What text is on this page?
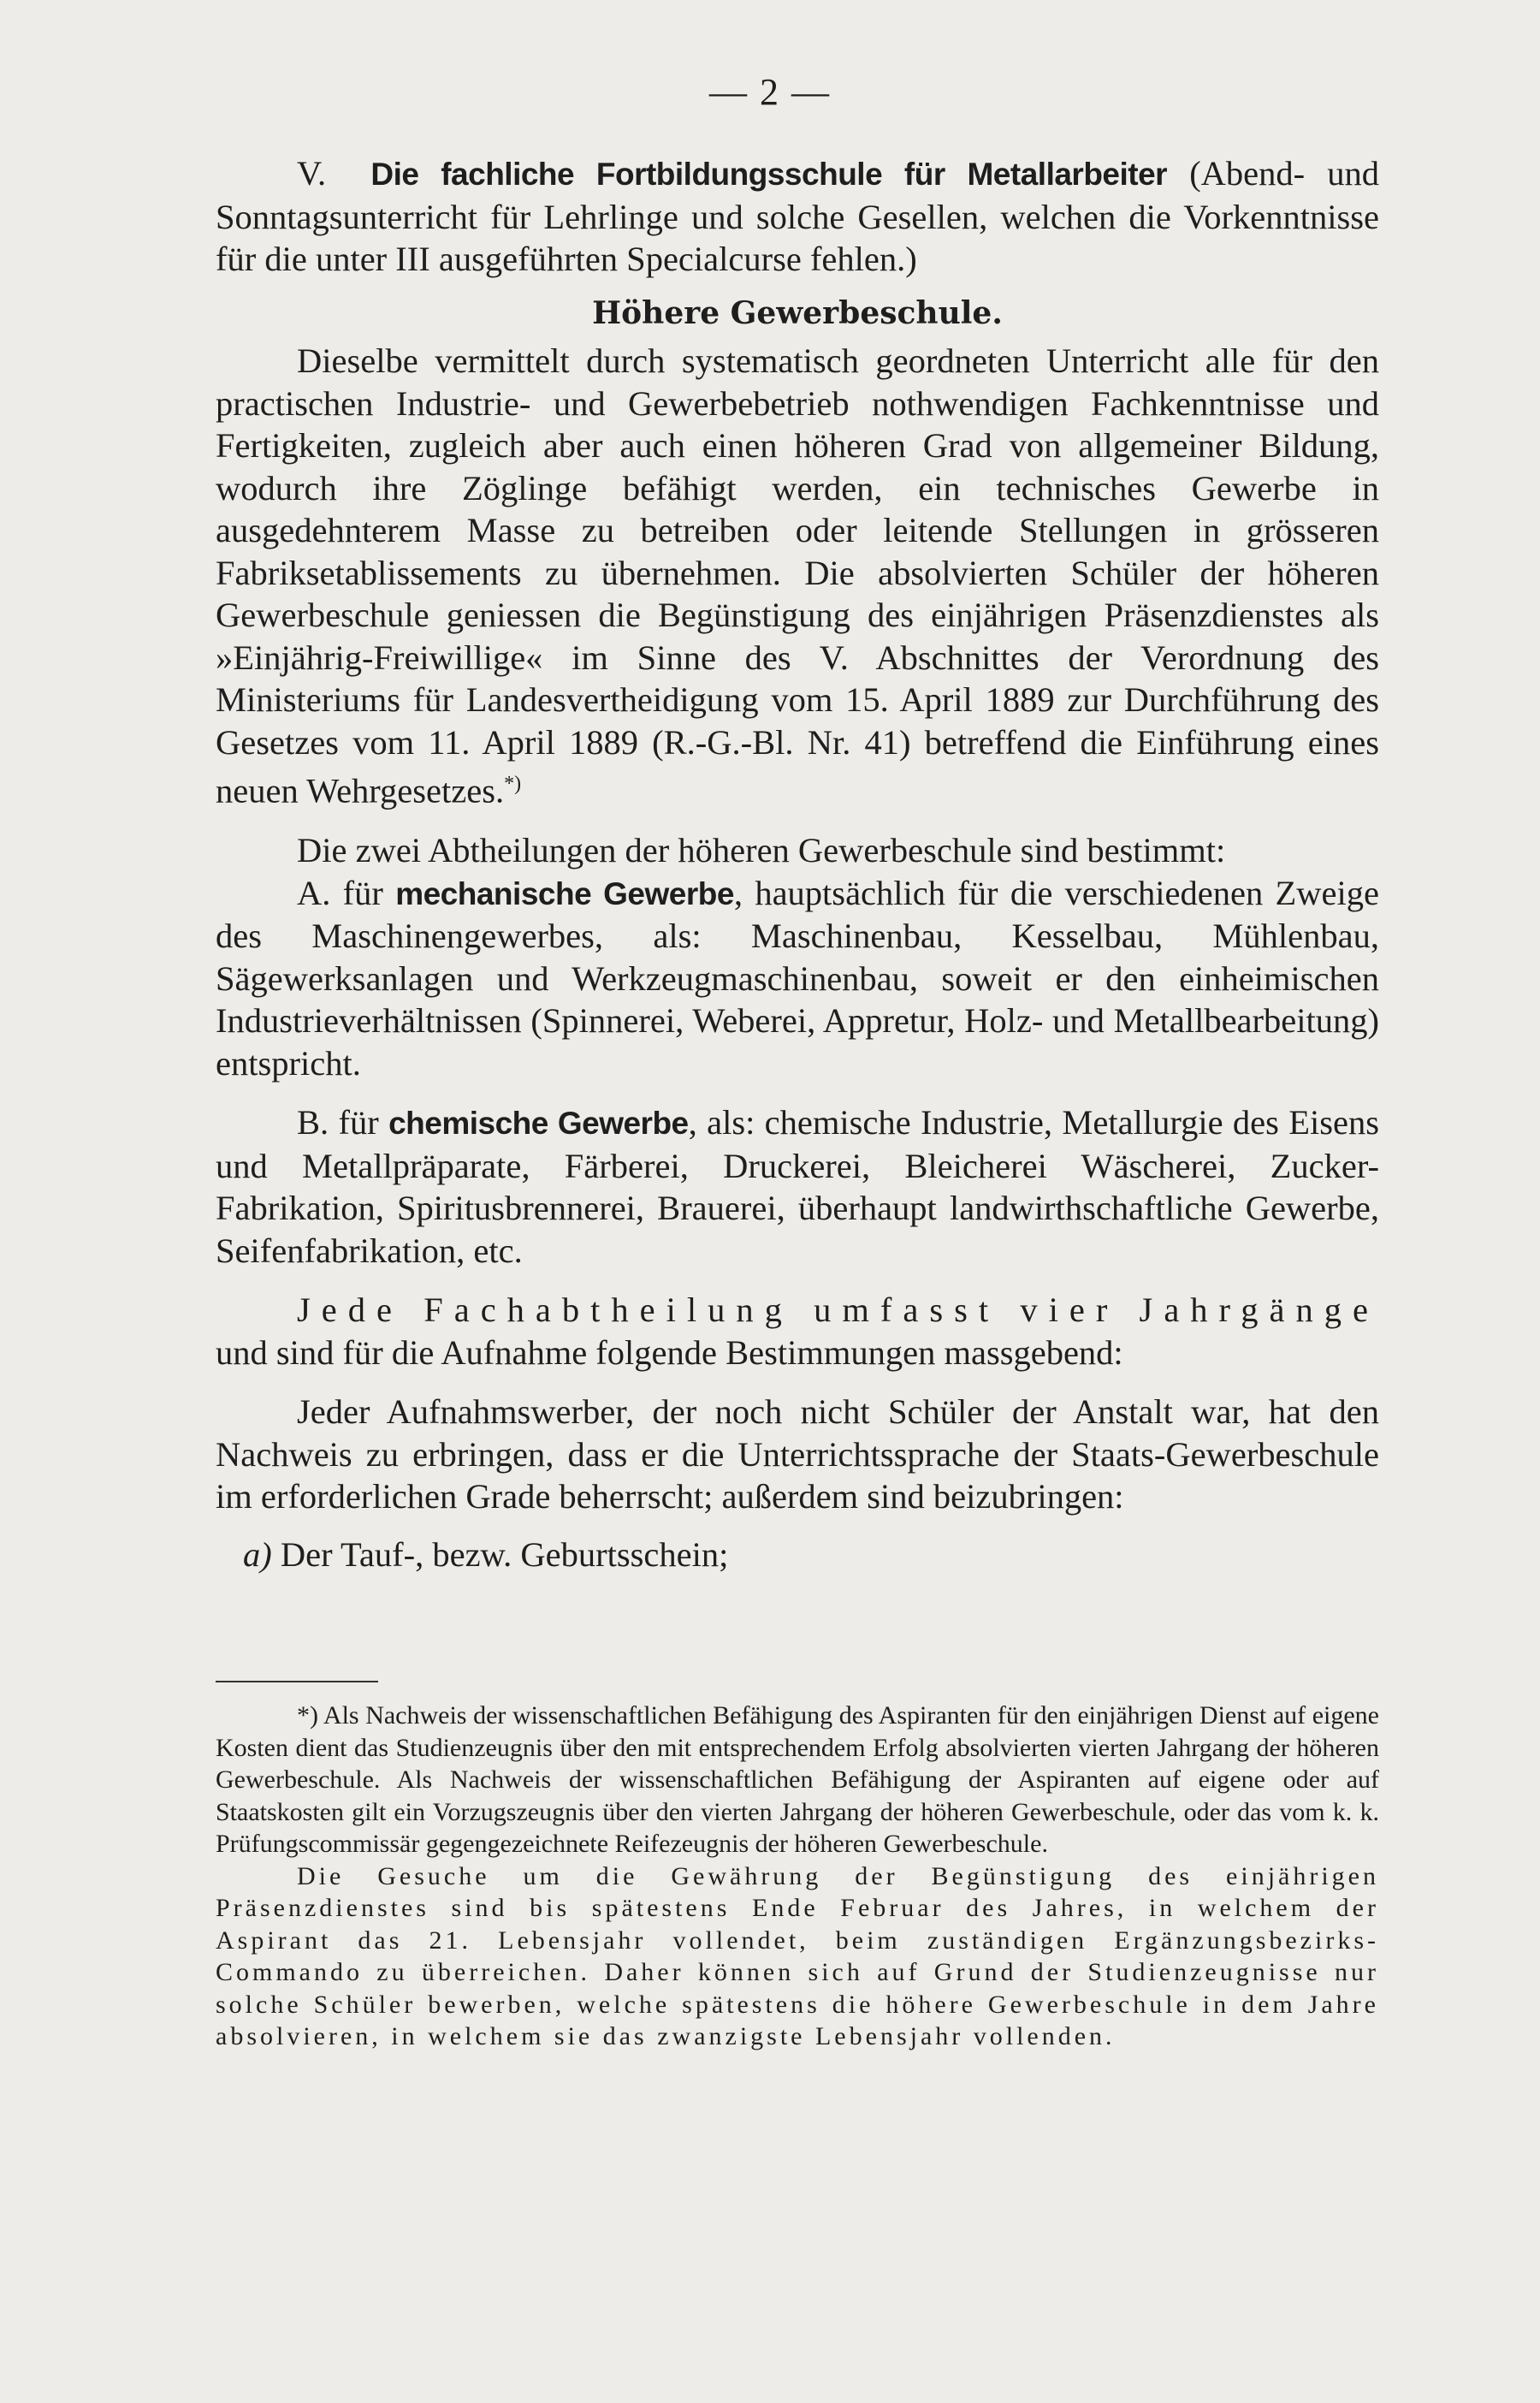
— 2 —

V. Die fachliche Fortbildungsschule für Metallarbeiter (Abend- und Sonntagsunterricht für Lehrlinge und solche Gesellen, welchen die Vorkenntnisse für die unter III ausgeführten Specialcurse fehlen.)

Höhere Gewerbeschule.

Dieselbe vermittelt durch systematisch geordneten Unterricht alle für den practischen Industrie- und Gewerbebetrieb nothwendigen Fachkenntnisse und Fertigkeiten, zugleich aber auch einen höheren Grad von allgemeiner Bildung, wodurch ihre Zöglinge befähigt werden, ein technisches Gewerbe in ausgedehnterem Masse zu betreiben oder leitende Stellungen in grösseren Fabriksetablissements zu übernehmen. Die absolvierten Schüler der höheren Gewerbeschule geniessen die Begünstigung des einjährigen Präsenzdienstes als »Einjährig-Freiwillige« im Sinne des V. Abschnittes der Verordnung des Ministeriums für Landesvertheidigung vom 15. April 1889 zur Durchführung des Gesetzes vom 11. April 1889 (R.-G.-Bl. Nr. 41) betreffend die Einführung eines neuen Wehrgesetzes.*)

Die zwei Abtheilungen der höheren Gewerbeschule sind bestimmt:

A. für mechanische Gewerbe, hauptsächlich für die verschiedenen Zweige des Maschinengewerbes, als: Maschinenbau, Kesselbau, Mühlenbau, Sägewerksanlagen und Werkzeugmaschinenbau, soweit er den einheimischen Industrieverhältnissen (Spinnerei, Weberei, Appretur, Holz- und Metallbearbeitung) entspricht.

B. für chemische Gewerbe, als: chemische Industrie, Metallurgie des Eisens und Metallpräparate, Färberei, Druckerei, Bleicherei Wäscherei, Zucker-Fabrikation, Spiritusbrennerei, Brauerei, überhaupt landwirthschaftliche Gewerbe, Seifenfabrikation, etc.

Jede Fachabtheilung umfasst vier Jahrgänge und sind für die Aufnahme folgende Bestimmungen massgebend:

Jeder Aufnahmswerber, der noch nicht Schüler der Anstalt war, hat den Nachweis zu erbringen, dass er die Unterrichtssprache der Staats-Gewerbeschule im erforderlichen Grade beherrscht; außerdem sind beizubringen:

a) Der Tauf-, bezw. Geburtsschein;

*) Als Nachweis der wissenschaftlichen Befähigung des Aspiranten für den einjährigen Dienst auf eigene Kosten dient das Studienzeugnis über den mit entsprechendem Erfolg absolvierten vierten Jahrgang der höheren Gewerbeschule. Als Nachweis der wissenschaftlichen Befähigung der Aspiranten auf eigene oder auf Staatskosten gilt ein Vorzugszeugnis über den vierten Jahrgang der höheren Gewerbeschule, oder das vom k. k. Prüfungscommissär gegengezeichnete Reifezeugnis der höheren Gewerbeschule.

Die Gesuche um die Gewährung der Begünstigung des einjährigen Präsenzdienstes sind bis spätestens Ende Februar des Jahres, in welchem der Aspirant das 21. Lebensjahr vollendet, beim zuständigen Ergänzungsbezirks-Commando zu überreichen. Daher können sich auf Grund der Studienzeugnisse nur solche Schüler bewerben, welche spätestens die höhere Gewerbeschule in dem Jahre absolvieren, in welchem sie das zwanzigste Lebensjahr vollenden.
